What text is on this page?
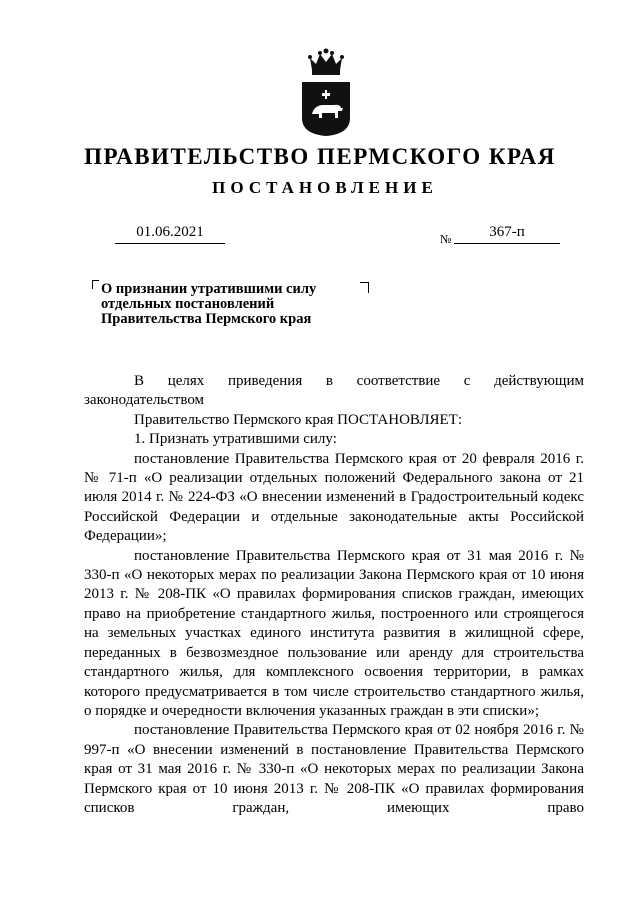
ПРАВИТЕЛЬСТВО ПЕРМСКОГО КРАЯ
ПОСТАНОВЛЕНИЕ
01.06.2021	№	367-п
О признании утратившими силу
отдельных постановлений
Правительства Пермского края

В целях приведения в соответствие с действующим

законодательством

Правительство Пермского края ПОСТАНОВЛЯЕТ:

1. Признать утратившими силу:

постановление Правительства Пермского края от 20 февраля 2016 г. № 71-п «О реализации отдельных положений Федерального закона от 21 июля 2014 г. № 224-ФЗ «О внесении изменений в Градостроительный кодекс Российской Федерации и отдельные законодательные акты Российской Федерации»;

постановление Правительства Пермского края от 31 мая 2016 г. № 330-п «О некоторых мерах по реализации Закона Пермского края от 10 июня 2013 г. № 208-ПК «О правилах формирования списков граждан, имеющих право на приобретение стандартного жилья, построенного или строящегося на земельных участках единого института развития в жилищной сфере, переданных в безвозмездное пользование или аренду для строительства стандартного жилья, для комплексного освоения территории, в рамках которого предусматривается в том числе строительство стандартного жилья, о порядке и очередности включения указанных граждан в эти списки»;

постановление Правительства Пермского края от 02 ноября 2016 г. № 997-п «О внесении изменений в постановление Правительства Пермского края от 31 мая 2016 г. № 330-п «О некоторых мерах по реализации Закона Пермского края от 10 июня 2013 г. № 208-ПК «О правилах формирования списков граждан, имеющих право
